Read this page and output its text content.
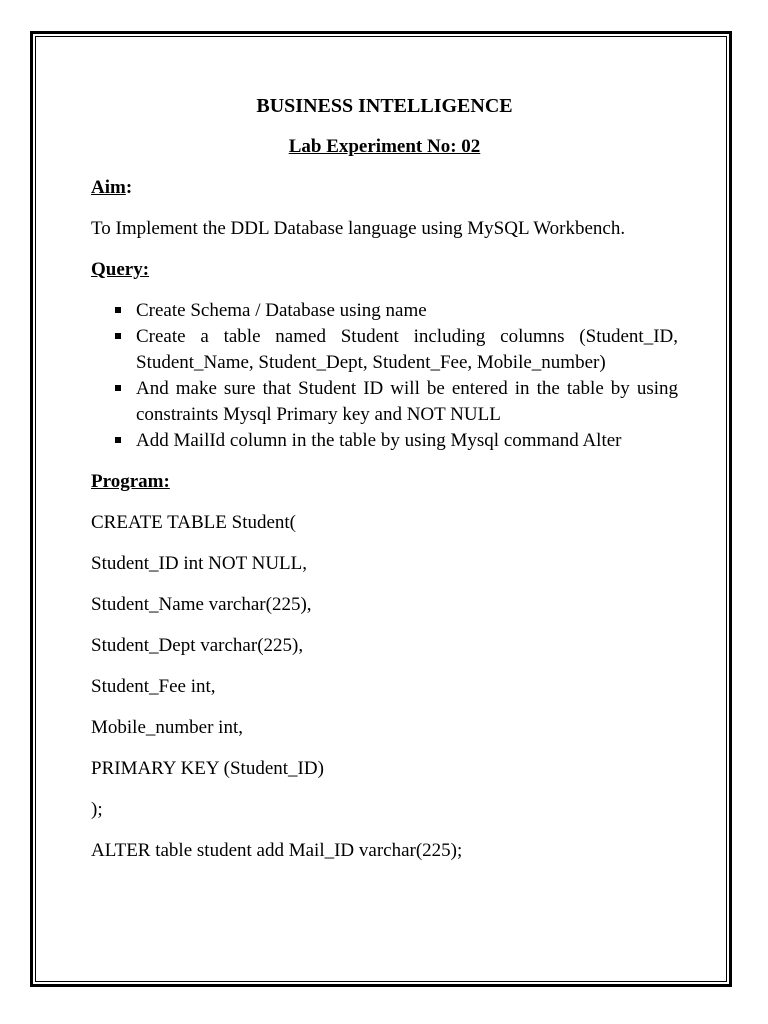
BUSINESS INTELLIGENCE
Lab Experiment No: 02
Aim:

To Implement the DDL Database language using MySQL Workbench.

Query:
Create Schema / Database using name
Create a table named Student including columns (Student_ID, Student_Name, Student_Dept, Student_Fee, Mobile_number)
And make sure that Student ID will be entered in the table by using constraints Mysql Primary key and NOT NULL
Add MailId column in the table by using Mysql command Alter
Program:
CREATE TABLE Student(
Student_ID int NOT NULL,
Student_Name varchar(225),
Student_Dept varchar(225),
Student_Fee int,
Mobile_number int,
PRIMARY KEY (Student_ID)
);
ALTER table student add Mail_ID varchar(225);
